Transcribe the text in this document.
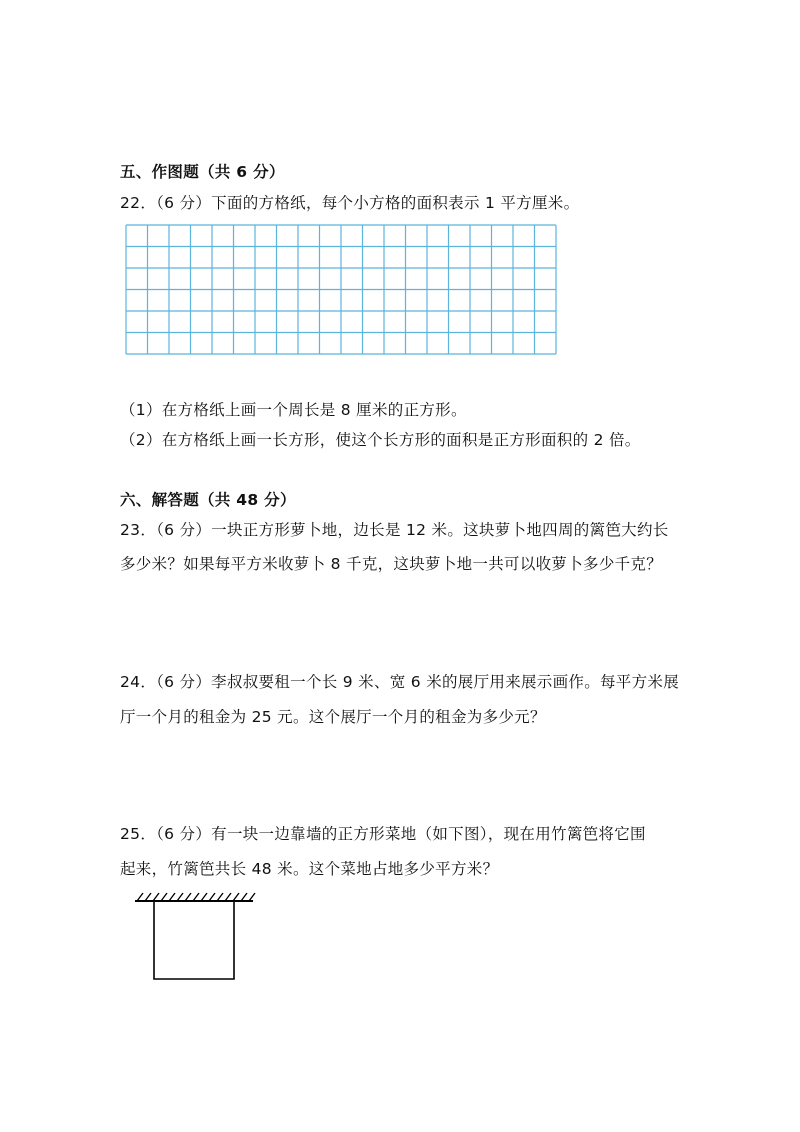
五、作图题（共 6 分）
22．（6 分）下面的方格纸，每个小方格的面积表示 1 平方厘米。
（1）在方格纸上画一个周长是 8 厘米的正方形。
（2）在方格纸上画一长方形，使这个长方形的面积是正方形面积的 2 倍。
六、解答题（共 48 分）
23．（6 分）一块正方形萝卜地，边长是 12 米。这块萝卜地四周的篱笆大约长
多少米？如果每平方米收萝卜 8 千克，这块萝卜地一共可以收萝卜多少千克？
24．（6 分）李叔叔要租一个长 9 米、宽 6 米的展厅用来展示画作。每平方米展
厅一个月的租金为 25 元。这个展厅一个月的租金为多少元？
25．（6 分）有一块一边靠墙的正方形菜地（如下图），现在用竹篱笆将它围
起来，竹篱笆共长 48 米。这个菜地占地多少平方米？
